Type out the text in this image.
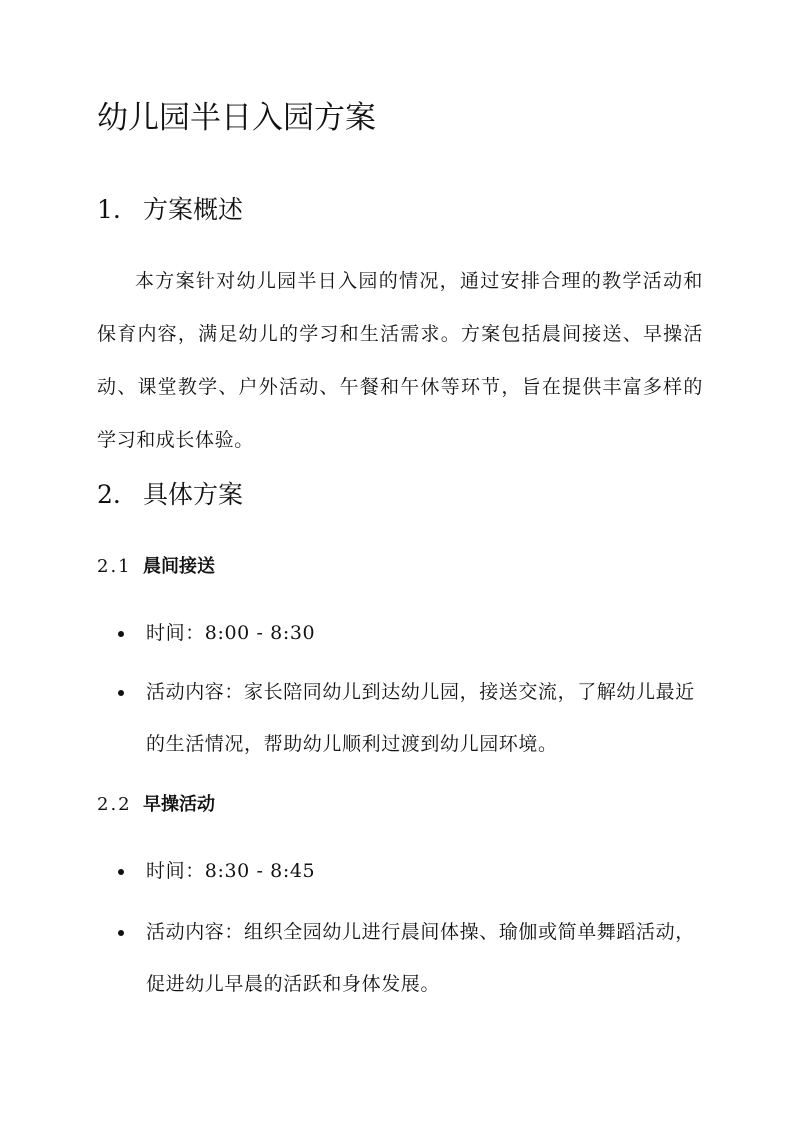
幼儿园半日入园方案
1. 方案概述

本方案针对幼儿园半日入园的情况，通过安排合理的教学活动和保育内容，满足幼儿的学习和生活需求。方案包括晨间接送、早操活动、课堂教学、户外活动、午餐和午休等环节，旨在提供丰富多样的学习和成长体验。

2. 具体方案
2.1 晨间接送
时间：8:00 - 8:30
活动内容：家长陪同幼儿到达幼儿园，接送交流，了解幼儿最近的生活情况，帮助幼儿顺利过渡到幼儿园环境。
2.2 早操活动
时间：8:30 - 8:45
活动内容：组织全园幼儿进行晨间体操、瑜伽或简单舞蹈活动，促进幼儿早晨的活跃和身体发展。
